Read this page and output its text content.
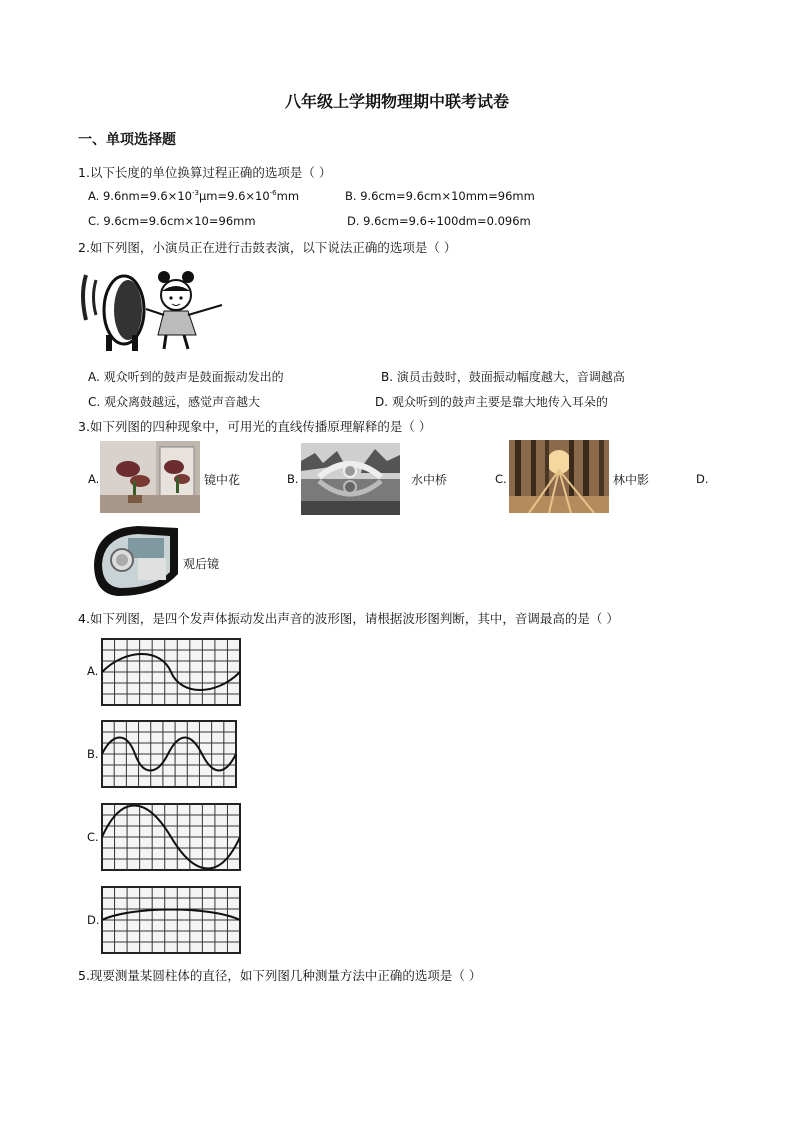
八年级上学期物理期中联考试卷
一、单项选择题
1.以下长度的单位换算过程正确的选项是（ ）
A. $9.6nm=9.6\times 10^{-3}\mu m=9.6\times 10^{-6}mm$	B. 9.6cm=9.6cm×10mm=96mm
C. 9.6cm=9.6cm×10=96mm	D. 9.6cm=9.6÷100dm=0.096m
2.如下列图，小演员正在进行击鼓表演，以下说法正确的选项是（ ）
A. 观众听到的鼓声是鼓面振动发出的	B. 演员击鼓时，鼓面振动幅度越大，音调越高
C. 观众离鼓越远，感觉声音越大	D. 观众听到的鼓声主要是靠大地传入耳朵的
3.如下列图的四种现象中，可用光的直线传播原理解释的是（ ）
A.	镜中花	B.	水中桥	C.	林中影	D.
观后镜
4.如下列图，是四个发声体振动发出声音的波形图，请根据波形图判断，其中，音调最高的是（ ）
A.
B.
C.
D.
5.现要测量某圆柱体的直径，如下列图几种测量方法中正确的选项是（ ）
